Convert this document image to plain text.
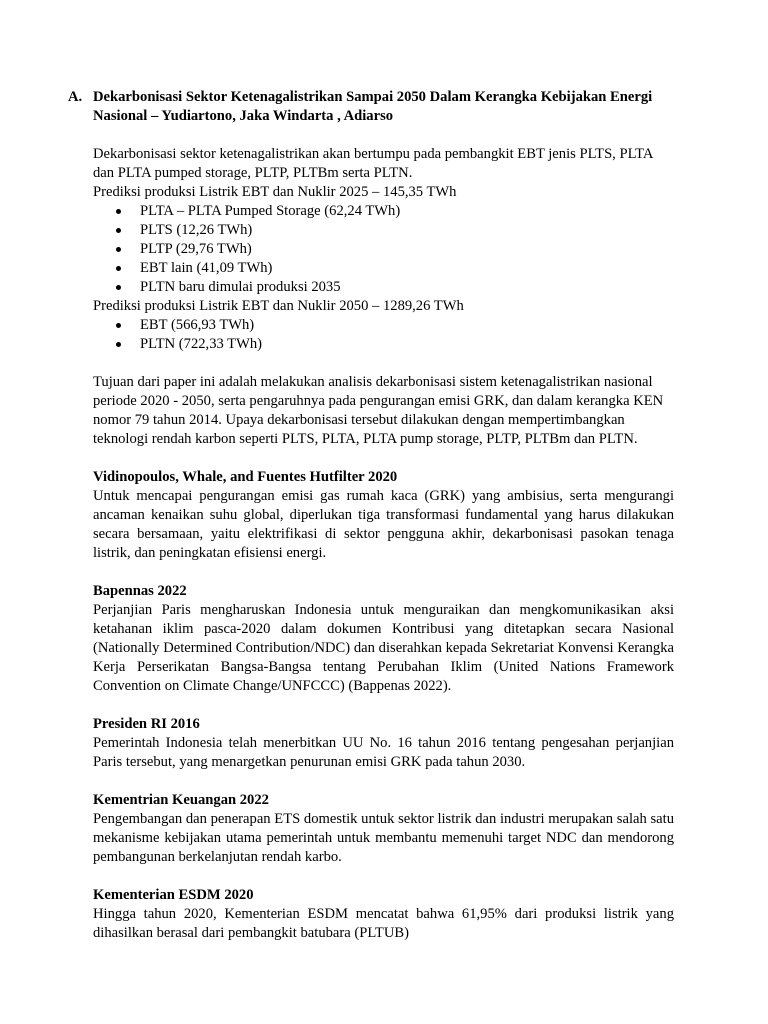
A. Dekarbonisasi Sektor Ketenagalistrikan Sampai 2050 Dalam Kerangka Kebijakan Energi Nasional – Yudiartono, Jaka Windarta , Adiarso

Dekarbonisasi sektor ketenagalistrikan akan bertumpu pada pembangkit EBT jenis PLTS, PLTA dan PLTA pumped storage, PLTP, PLTBm serta PLTN.

Prediksi produksi Listrik EBT dan Nuklir 2025 – 145,35 TWh

PLTA – PLTA Pumped Storage (62,24 TWh)
PLTS (12,26 TWh)
PLTP (29,76 TWh)
EBT lain (41,09 TWh)
PLTN baru dimulai produksi 2035

Prediksi produksi Listrik EBT dan Nuklir 2050 – 1289,26 TWh

EBT (566,93 TWh)
PLTN (722,33 TWh)

Tujuan dari paper ini adalah melakukan analisis dekarbonisasi sistem ketenagalistrikan nasional periode 2020 - 2050, serta pengaruhnya pada pengurangan emisi GRK, dan dalam kerangka KEN nomor 79 tahun 2014. Upaya dekarbonisasi tersebut dilakukan dengan mempertimbangkan teknologi rendah karbon seperti PLTS, PLTA, PLTA pump storage, PLTP, PLTBm dan PLTN.

Vidinopoulos, Whale, and Fuentes Hutfilter 2020

Untuk mencapai pengurangan emisi gas rumah kaca (GRK) yang ambisius, serta mengurangi ancaman kenaikan suhu global, diperlukan tiga transformasi fundamental yang harus dilakukan secara bersamaan, yaitu elektrifikasi di sektor pengguna akhir, dekarbonisasi pasokan tenaga listrik, dan peningkatan efisiensi energi.

Bapennas 2022

Perjanjian Paris mengharuskan Indonesia untuk menguraikan dan mengkomunikasikan aksi ketahanan iklim pasca-2020 dalam dokumen Kontribusi yang ditetapkan secara Nasional (Nationally Determined Contribution/NDC) dan diserahkan kepada Sekretariat Konvensi Kerangka Kerja Perserikatan Bangsa-Bangsa tentang Perubahan Iklim (United Nations Framework Convention on Climate Change/UNFCCC) (Bappenas 2022).

Presiden RI 2016

Pemerintah Indonesia telah menerbitkan UU No. 16 tahun 2016 tentang pengesahan perjanjian Paris tersebut, yang menargetkan penurunan emisi GRK pada tahun 2030.

Kementrian Keuangan 2022

Pengembangan dan penerapan ETS domestik untuk sektor listrik dan industri merupakan salah satu mekanisme kebijakan utama pemerintah untuk membantu memenuhi target NDC dan mendorong pembangunan berkelanjutan rendah karbo.

Kementerian ESDM 2020

Hingga tahun 2020, Kementerian ESDM mencatat bahwa 61,95% dari produksi listrik yang dihasilkan berasal dari pembangkit batubara (PLTUB)
